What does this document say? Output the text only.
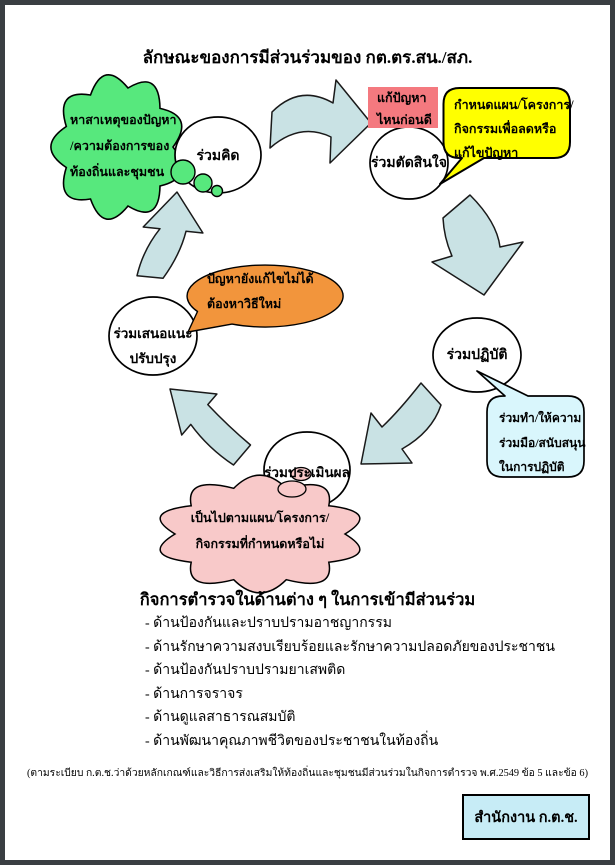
ลักษณะของการมีส่วนร่วมของ กต.ตร.สน./สภ.
หาสาเหตุของปัญหา
/ความต้องการของ
ท้องถิ่นและชุมชน
ร่วมคิด
แก้ปัญหา
ไหนก่อนดี
กำหนดแผน/โครงการ/
กิจกรรมเพื่อลดหรือ
แก้ไขปัญหา
ร่วมตัดสินใจ
ปัญหายังแก้ไขไม่ได้
ต้องหาวิธีใหม่
ร่วมเสนอแนะ
ปรับปรุง	ร่วมปฏิบัติ
ร่วมทำ/ให้ความ
ร่วมมือ/สนับสนุน
ในการปฏิบัติ
ร่วมประเมินผล
เป็นไปตามแผน/โครงการ/
กิจกรรมที่กำหนดหรือไม่
กิจการตำรวจในด้านต่าง ๆ ในการเข้ามีส่วนร่วม
- ด้านป้องกันและปราบปรามอาชญากรรม
- ด้านรักษาความสงบเรียบร้อยและรักษาความปลอดภัยของประชาชน
- ด้านป้องกันปราบปรามยาเสพติด
- ด้านการจราจร
- ด้านดูแลสาธารณสมบัติ
- ด้านพัฒนาคุณภาพชีวิตของประชาชนในท้องถิ่น
(ตามระเบียบ ก.ต.ช.ว่าด้วยหลักเกณฑ์และวิธีการส่งเสริมให้ท้องถิ่นและชุมชนมีส่วนร่วมในกิจการตำรวจ พ.ศ.2549 ข้อ 5 และข้อ 6)
สำนักงาน ก.ต.ช.
